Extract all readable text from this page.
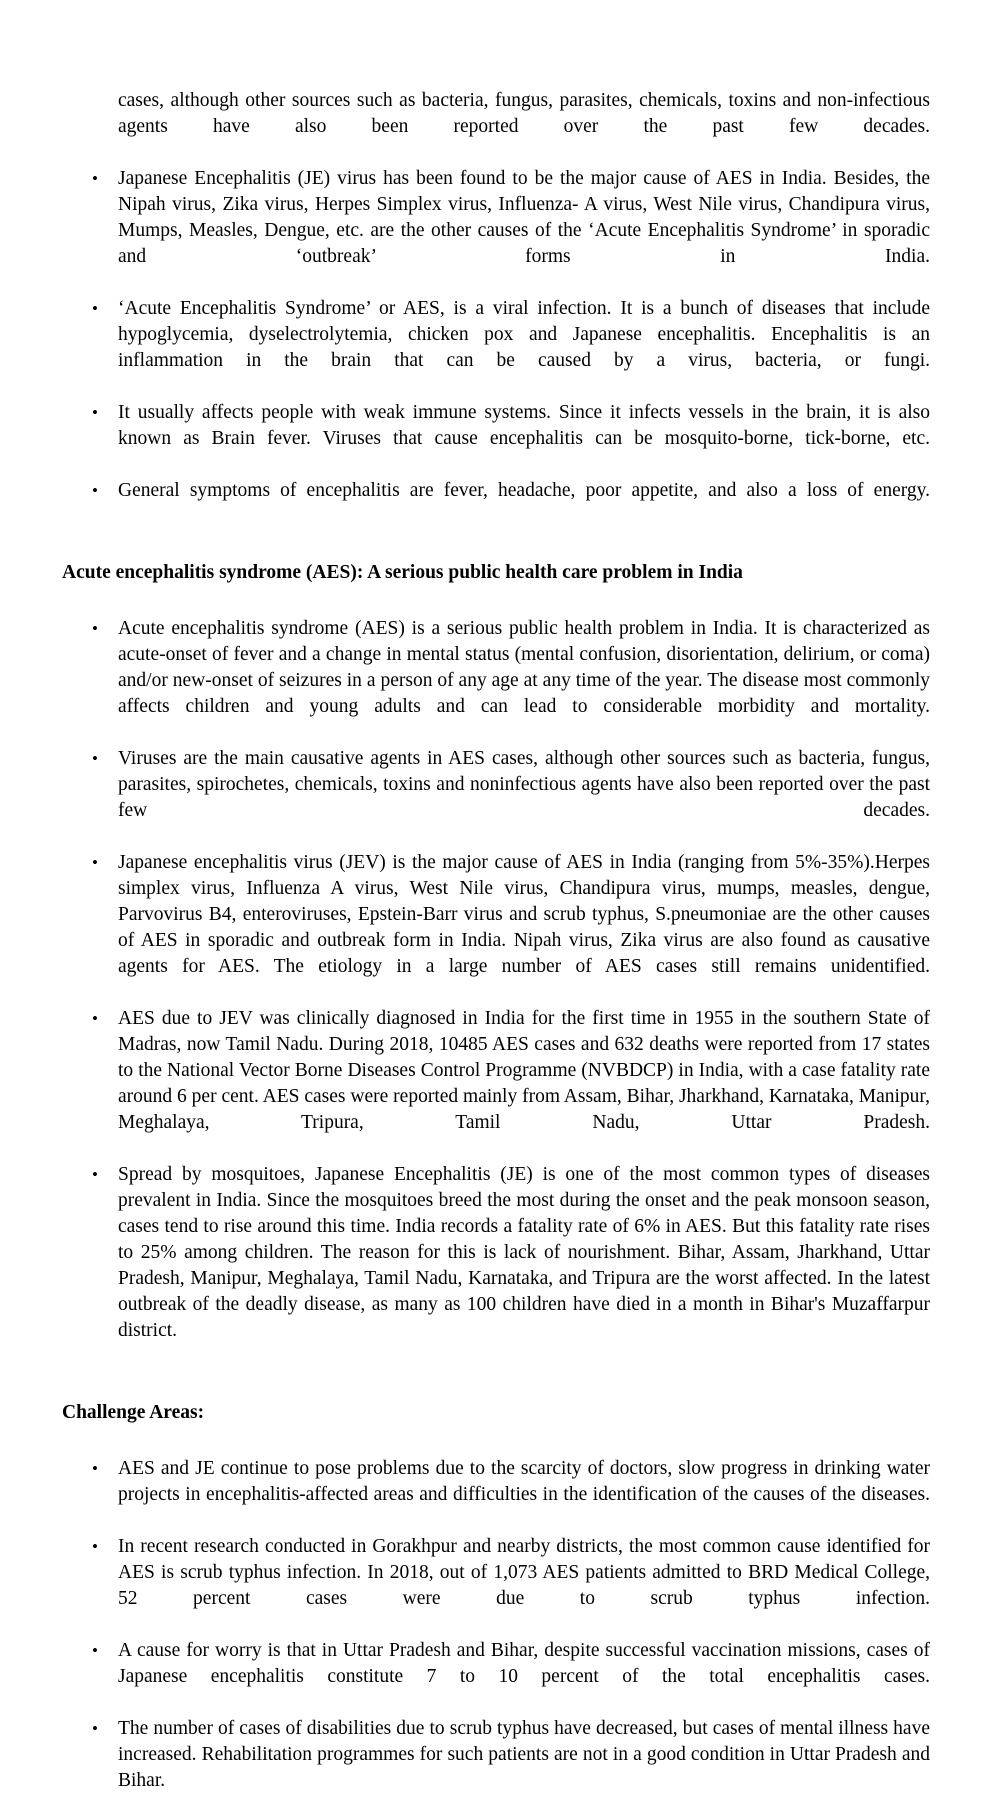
cases, although other sources such as bacteria, fungus, parasites, chemicals, toxins and non-infectious agents have also been reported over the past few decades.

• Japanese Encephalitis (JE) virus has been found to be the major cause of AES in India. Besides, the Nipah virus, Zika virus, Herpes Simplex virus, Influenza- A virus, West Nile virus, Chandipura virus, Mumps, Measles, Dengue, etc. are the other causes of the ‘Acute Encephalitis Syndrome’ in sporadic and ‘outbreak’ forms in India.
• ‘Acute Encephalitis Syndrome’ or AES, is a viral infection. It is a bunch of diseases that include hypoglycemia, dyselectrolytemia, chicken pox and Japanese encephalitis. Encephalitis is an inflammation in the brain that can be caused by a virus, bacteria, or fungi.
• It usually affects people with weak immune systems. Since it infects vessels in the brain, it is also known as Brain fever. Viruses that cause encephalitis can be mosquito-borne, tick-borne, etc.
• General symptoms of encephalitis are fever, headache, poor appetite, and also a loss of energy.
Acute encephalitis syndrome (AES): A serious public health care problem in India
• Acute encephalitis syndrome (AES) is a serious public health problem in India. It is characterized as acute-onset of fever and a change in mental status (mental confusion, disorientation, delirium, or coma) and/or new-onset of seizures in a person of any age at any time of the year. The disease most commonly affects children and young adults and can lead to considerable morbidity and mortality.
• Viruses are the main causative agents in AES cases, although other sources such as bacteria, fungus, parasites, spirochetes, chemicals, toxins and noninfectious agents have also been reported over the past few decades.
• Japanese encephalitis virus (JEV) is the major cause of AES in India (ranging from 5%-35%).Herpes simplex virus, Influenza A virus, West Nile virus, Chandipura virus, mumps, measles, dengue, Parvovirus B4, enteroviruses, Epstein-Barr virus and scrub typhus, S.pneumoniae are the other causes of AES in sporadic and outbreak form in India. Nipah virus, Zika virus are also found as causative agents for AES. The etiology in a large number of AES cases still remains unidentified.
• AES due to JEV was clinically diagnosed in India for the first time in 1955 in the southern State of Madras, now Tamil Nadu. During 2018, 10485 AES cases and 632 deaths were reported from 17 states to the National Vector Borne Diseases Control Programme (NVBDCP) in India, with a case fatality rate around 6 per cent. AES cases were reported mainly from Assam, Bihar, Jharkhand, Karnataka, Manipur, Meghalaya, Tripura, Tamil Nadu, Uttar Pradesh.
• Spread by mosquitoes, Japanese Encephalitis (JE) is one of the most common types of diseases prevalent in India. Since the mosquitoes breed the most during the onset and the peak monsoon season, cases tend to rise around this time. India records a fatality rate of 6% in AES. But this fatality rate rises to 25% among children. The reason for this is lack of nourishment. Bihar, Assam, Jharkhand, Uttar Pradesh, Manipur, Meghalaya, Tamil Nadu, Karnataka, and Tripura are the worst affected. In the latest outbreak of the deadly disease, as many as 100 children have died in a month in Bihar's Muzaffarpur district.
Challenge Areas:
• AES and JE continue to pose problems due to the scarcity of doctors, slow progress in drinking water projects in encephalitis-affected areas and difficulties in the identification of the causes of the diseases.
• In recent research conducted in Gorakhpur and nearby districts, the most common cause identified for AES is scrub typhus infection. In 2018, out of 1,073 AES patients admitted to BRD Medical College, 52 percent cases were due to scrub typhus infection.
• A cause for worry is that in Uttar Pradesh and Bihar, despite successful vaccination missions, cases of Japanese encephalitis constitute 7 to 10 percent of the total encephalitis cases.
• The number of cases of disabilities due to scrub typhus have decreased, but cases of mental illness have increased. Rehabilitation programmes for such patients are not in a good condition in Uttar Pradesh and Bihar.
